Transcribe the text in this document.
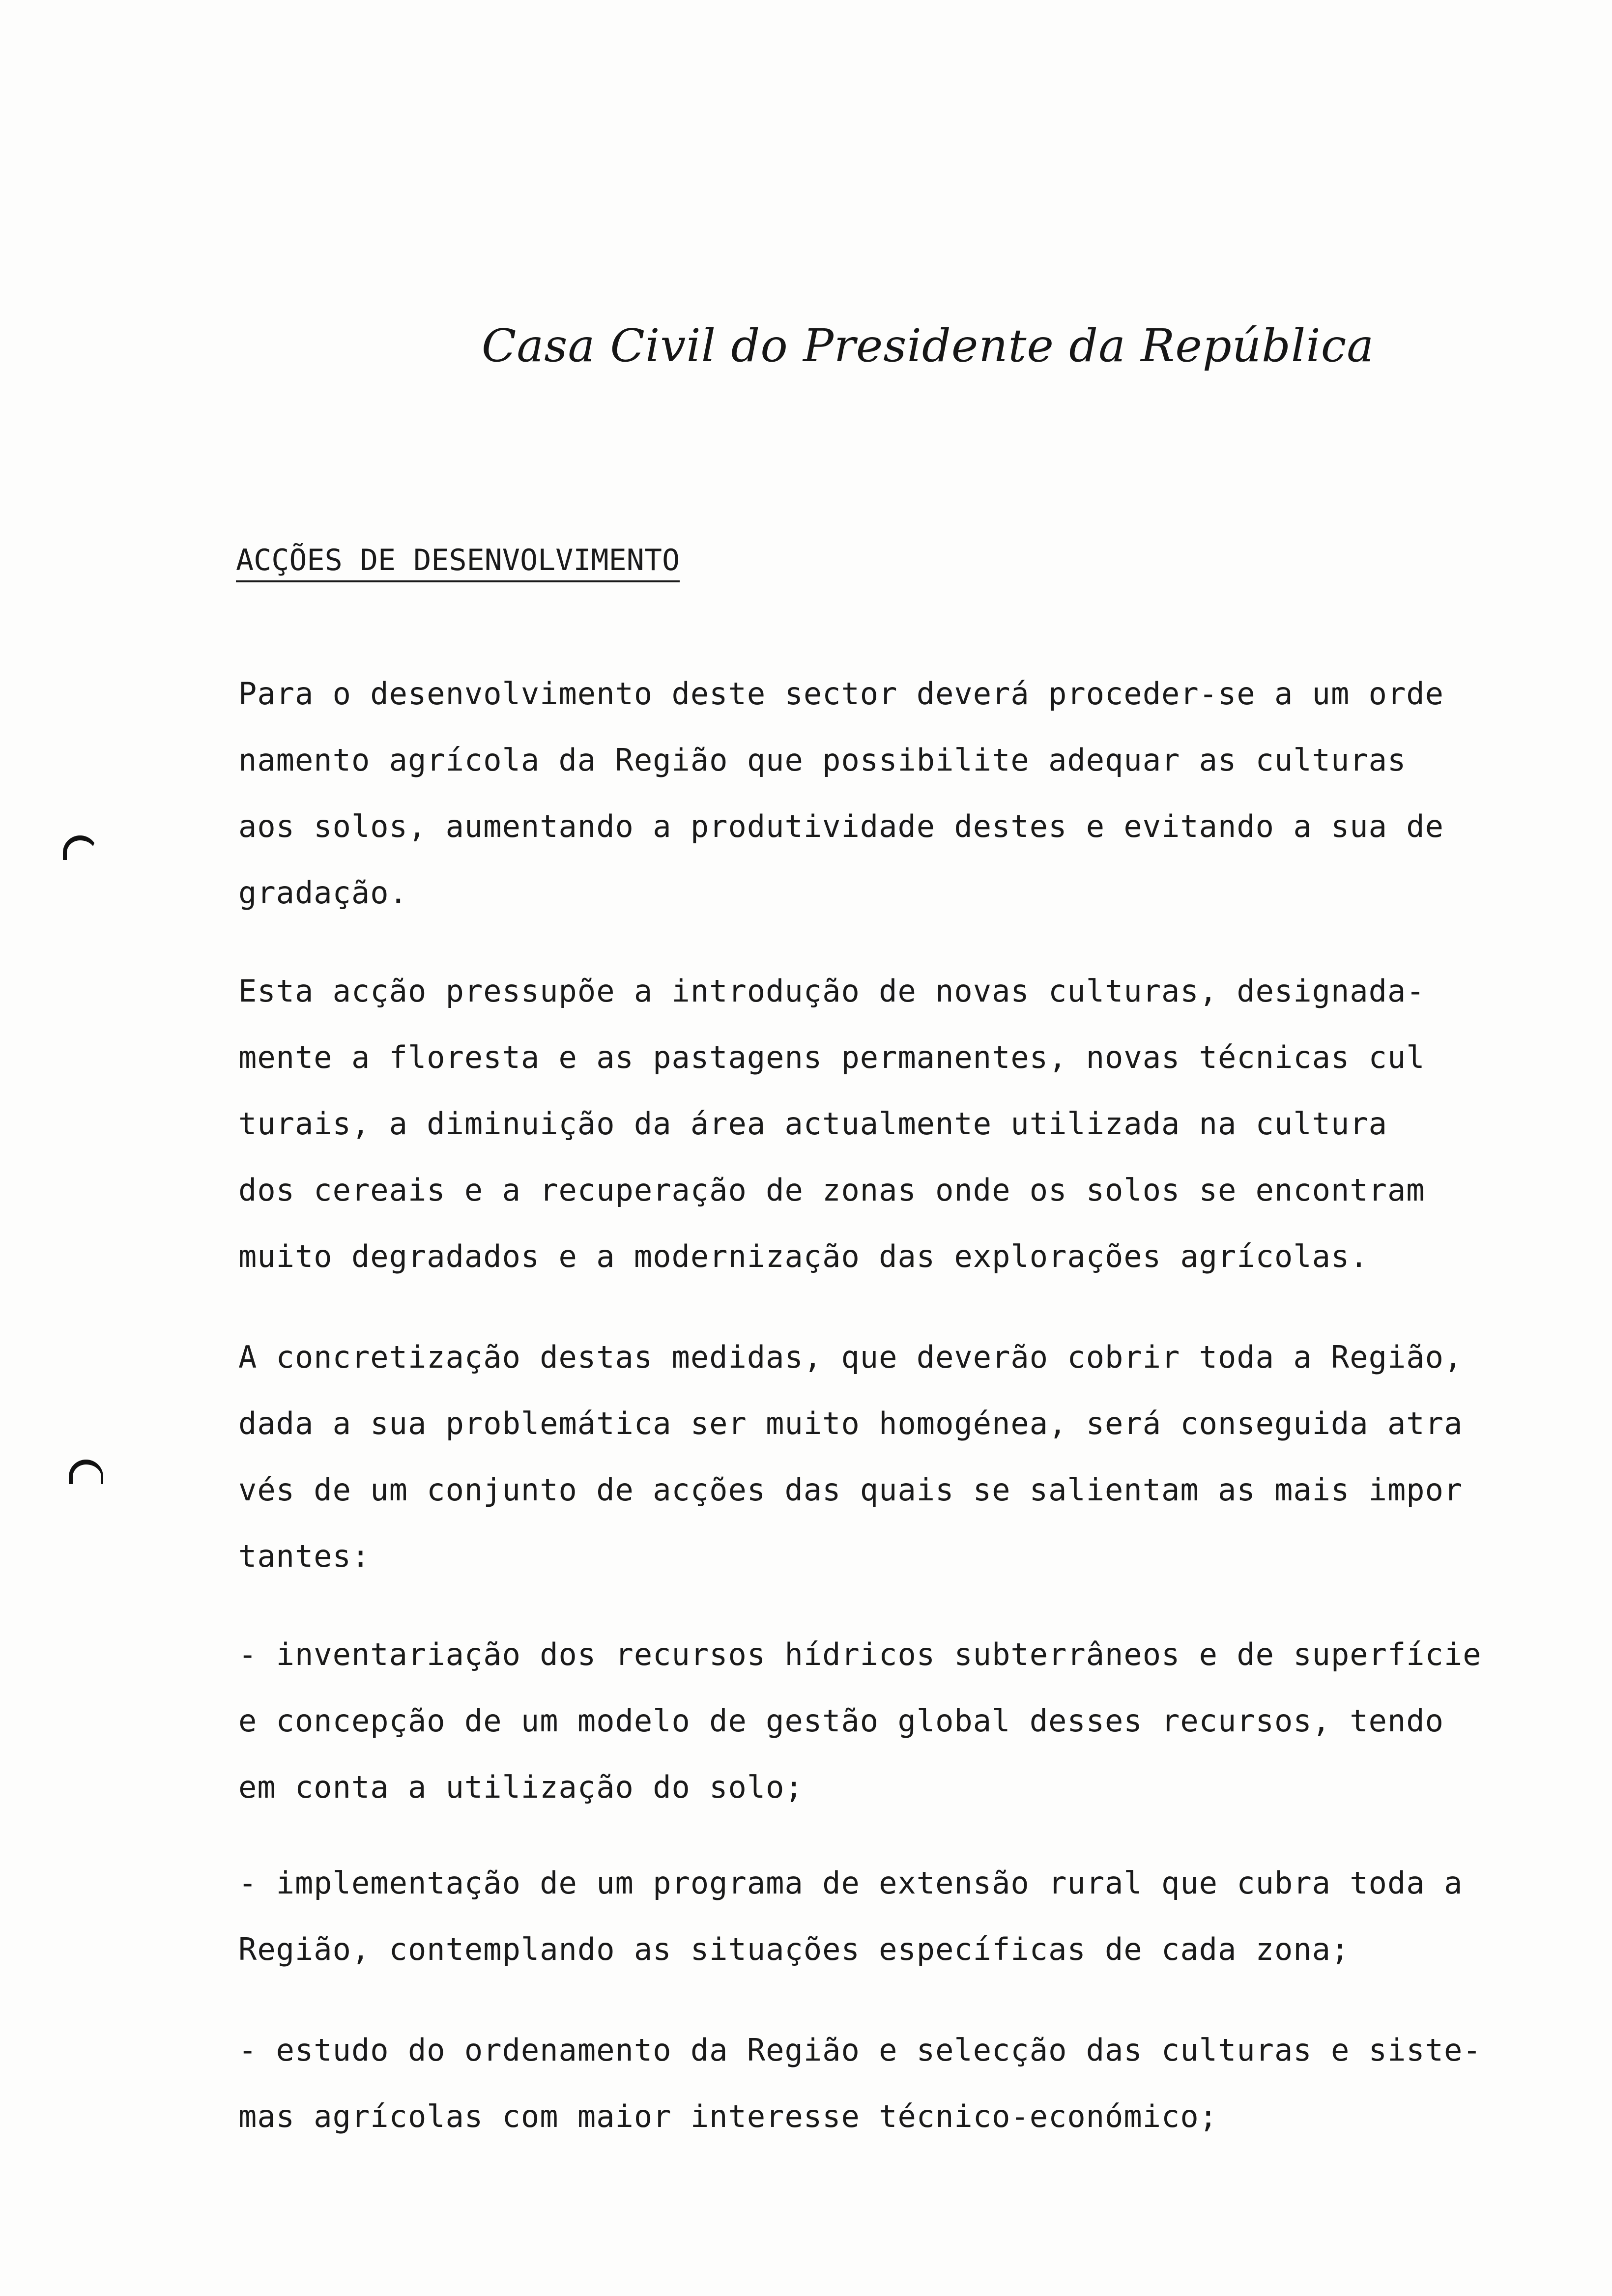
Casa Civil do Presidente da República
ACÇÕES DE DESENVOLVIMENTO
Para o desenvolvimento deste sector deverá proceder-se a um orde
namento agrícola da Região que possibilite adequar as culturas
aos solos, aumentando a produtividade destes e evitando a sua de
gradação.
Esta acção pressupõe a introdução de novas culturas, designada-
mente a floresta e as pastagens permanentes, novas técnicas cul
turais, a diminuição da área actualmente utilizada na cultura
dos cereais e a recuperação de zonas onde os solos se encontram
muito degradados e a modernização das explorações agrícolas.
A concretização destas medidas, que deverão cobrir toda a Região,
dada a sua problemática ser muito homogénea, será conseguida atra
vés de um conjunto de acções das quais se salientam as mais impor
tantes:
- inventariação dos recursos hídricos subterrâneos e de superfície
e concepção de um modelo de gestão global desses recursos, tendo
em conta a utilização do solo;
- implementação de um programa de extensão rural que cubra toda a
Região, contemplando as situações específicas de cada zona;
- estudo do ordenamento da Região e selecção das culturas e siste-
mas agrícolas com maior interesse técnico-económico;
